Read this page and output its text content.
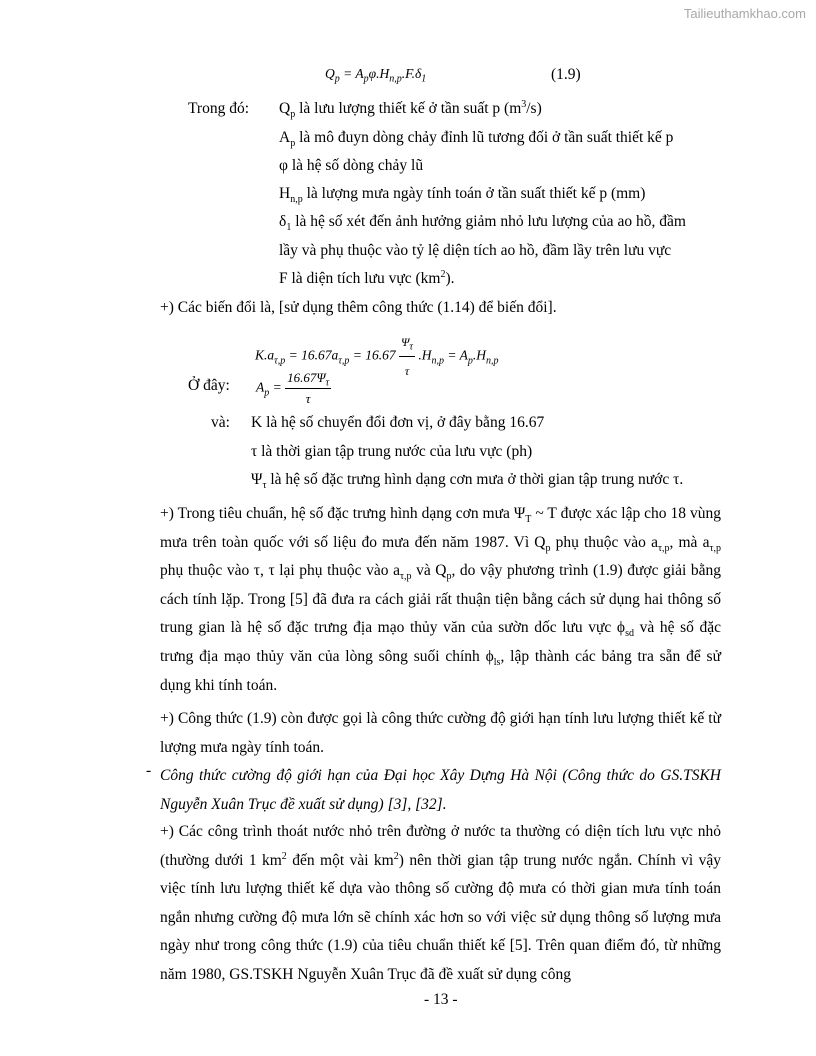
Tailieuthamkhao.com
$Q_p = A_p\varphi.H_{n,p}.F.\delta_1$	(1.9)
Trong đó: $Q_p$ là lưu lượng thiết kế ở tần suất p $(m^3/s)$
$A_p$ là mô đuyn dòng chảy đỉnh lũ tương đối ở tần suất thiết kế p
φ là hệ số dòng chảy lũ
$H_{n,p}$ là lượng mưa ngày tính toán ở tần suất thiết kế p (mm)
$\delta_1$ là hệ số xét đến ảnh hưởng giảm nhỏ lưu lượng của ao hồ, đầm
lầy và phụ thuộc vào tỷ lệ diện tích ao hồ, đầm lầy trên lưu vực
F là diện tích lưu vực $(km^2)$.
+) Các biến đổi là, [sử dụng thêm công thức (1.14) để biến đổi].
$K.a_{\tau,p} = 16.67a_{\tau,p} = 16.67 \frac{\Psi_\tau}{\tau} .H_{n,p} = A_p.H_{n,p}$
Ở đây: $A_p = \frac{16.67\Psi_\tau}{\tau}$
và: K là hệ số chuyển đổi đơn vị, ở đây bằng 16.67
τ là thời gian tập trung nước của lưu vực (ph)
$\Psi_\tau$ là hệ số đặc trưng hình dạng cơn mưa ở thời gian tập trung nước τ.
+) Trong tiêu chuẩn, hệ số đặc trưng hình dạng cơn mưa $\Psi_T$ ~ T được xác lập cho 18 vùng mưa trên toàn quốc với số liệu đo mưa đến năm 1987. Vì $Q_p$ phụ thuộc vào $a_{\tau,p}$, mà $a_{\tau,p}$ phụ thuộc vào τ, τ lại phụ thuộc vào $a_{\tau,p}$ và $Q_p$, do vậy phương trình (1.9) được giải bằng cách tính lặp. Trong [5] đã đưa ra cách giải rất thuận tiện bằng cách sử dụng hai thông số trung gian là hệ số đặc trưng địa mạo thủy văn của sườn dốc lưu vực $\phi_{sd}$ và hệ số đặc trưng địa mạo thủy văn của lòng sông suối chính $\phi_{ls}$, lập thành các bảng tra sẵn để sử dụng khi tính toán.
+) Công thức (1.9) còn được gọi là công thức cường độ giới hạn tính lưu lượng thiết kế từ lượng mưa ngày tính toán.
- Công thức cường độ giới hạn của Đại học Xây Dựng Hà Nội (Công thức do GS.TSKH Nguyễn Xuân Trục đề xuất sử dụng) [3], [32].
+) Các công trình thoát nước nhỏ trên đường ở nước ta thường có diện tích lưu vực nhỏ (thường dưới 1 $km^2$ đến một vài $km^2$) nên thời gian tập trung nước ngắn. Chính vì vậy việc tính lưu lượng thiết kế dựa vào thông số cường độ mưa có thời gian mưa tính toán ngắn nhưng cường độ mưa lớn sẽ chính xác hơn so với việc sử dụng thông số lượng mưa ngày như trong công thức (1.9) của tiêu chuẩn thiết kế [5]. Trên quan điểm đó, từ những năm 1980, GS.TSKH Nguyễn Xuân Trục đã đề xuất sử dụng công
- 13 -
